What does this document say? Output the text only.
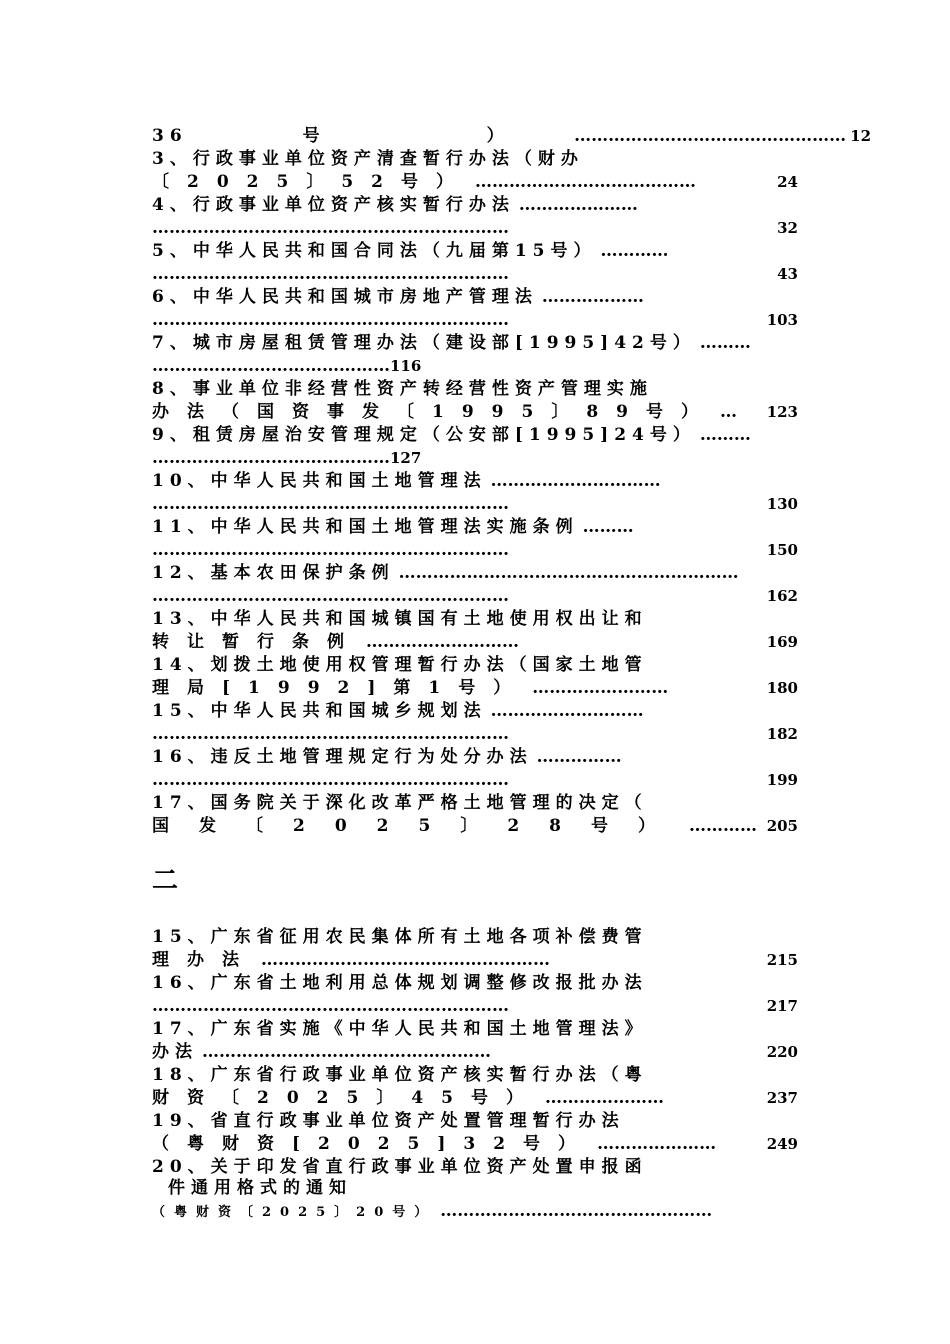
36　　　　　号　　　　　　　）　　　 ………………………………………… 12
3、行政事业单位资产清查暂行办法（财办
〔2025〕52号） …………………………………	24
4、行政事业单位资产核实暂行办法 …………………
………………………………………………………	32
5、中华人民共和国合同法（九届第15号） …………
………………………………………………………	43
6、中华人民共和国城市房地产管理法 ………………
………………………………………………………	103
7、城市房屋租赁管理办法（建设部[1995]42号） ………
…………………………………… 116
8、事业单位非经营性资产转经营性资产管理实施
办法（国资事发〔1995〕89号） …	123
9、租赁房屋治安管理规定（公安部[1995]24号） ………
…………………………………… 127
10、中华人民共和国土地管理法 …………………………
………………………………………………………	130
11、中华人民共和国土地管理法实施条例 ………
………………………………………………………	150
12、基本农田保护条例 ……………………………………………………
………………………………………………………	162
13、中华人民共和国城镇国有土地使用权出让和
转让暂行条例 ………………………	169
14、划拨土地使用权管理暂行办法（国家土地管
理局[1992]第1号） ……………………	180
15、中华人民共和国城乡规划法 ………………………
………………………………………………………	182
16、违反土地管理规定行为处分办法 ……………
………………………………………………………	199
17、国务院关于深化改革严格土地管理的决定（
国发〔2025〕28号） ………… 205
二
15、广东省征用农民集体所有土地各项补偿费管
理办法 ……………………………………………	215
16、广东省土地利用总体规划调整修改报批办法
………………………………………………………	217
17、广东省实施《中华人民共和国土地管理法》
办法 ……………………………………………	220
18、广东省行政事业单位资产核实暂行办法（粤
财资〔2025〕45号） …………………	237
19、省直行政事业单位资产处置管理暂行办法
（粤财资[2025]32号） …………………	249
20、关于印发省直行政事业单位资产处置申报函
件通用格式的通知
（粤财资〔2025〕20号） …………………………………………
